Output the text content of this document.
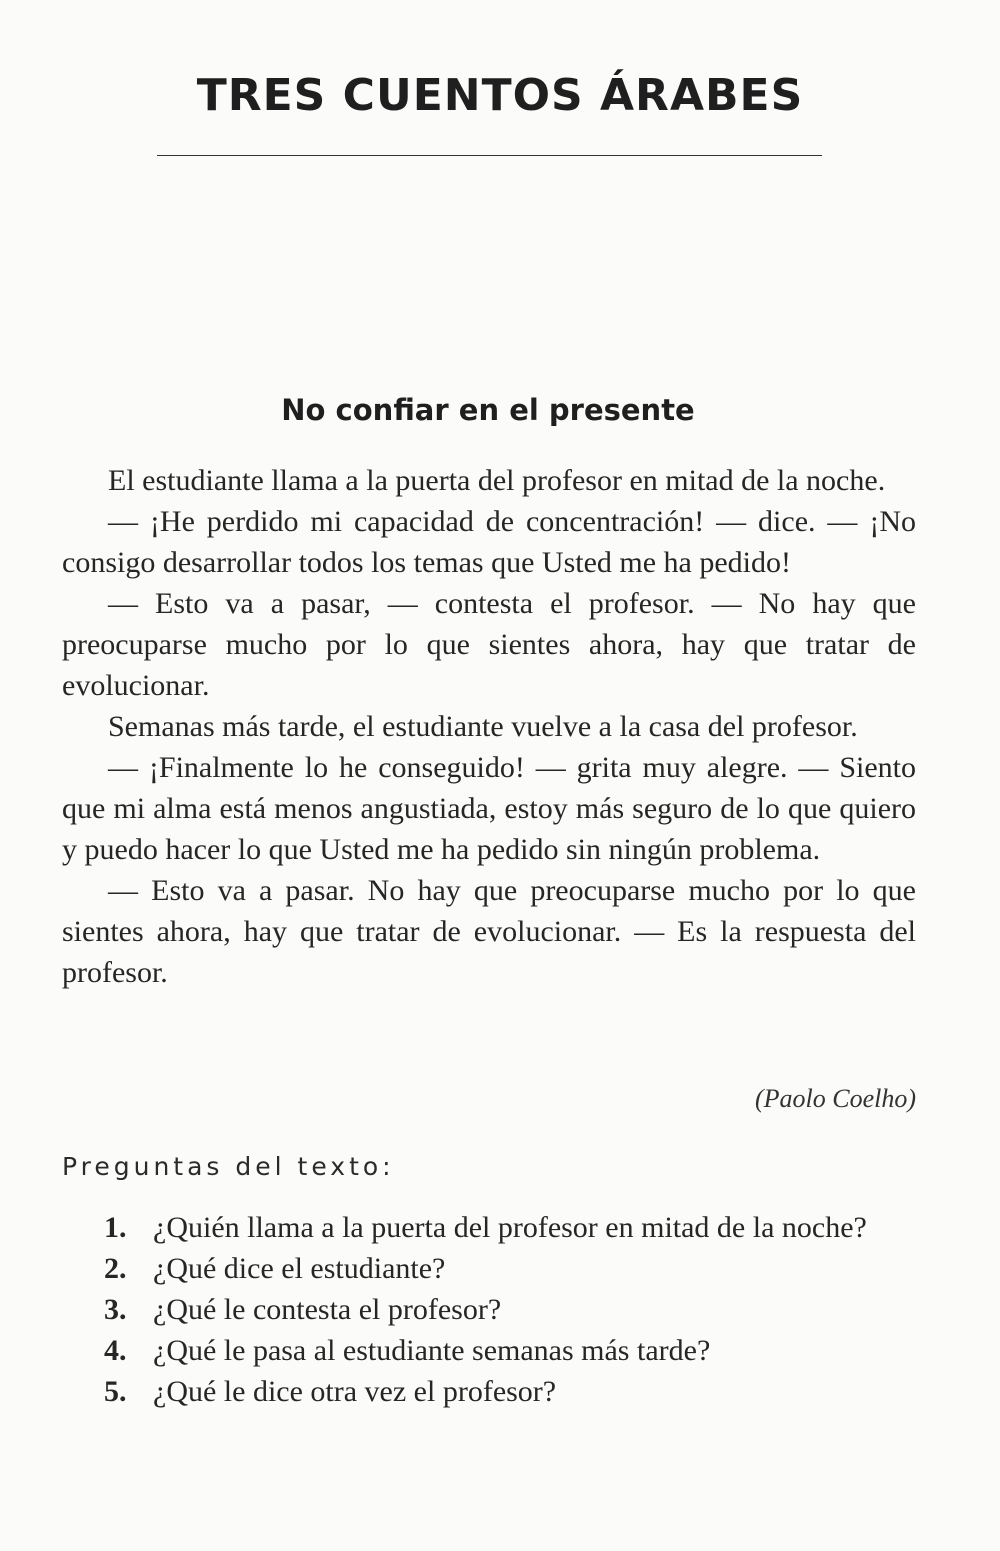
TRES CUENTOS ÁRABES
No confiar en el presente

El estudiante llama a la puerta del profesor en mitad de la noche.

— ¡He perdido mi capacidad de concentración! — dice. — ¡No consigo desarrollar todos los temas que Usted me ha pedido!

— Esto va a pasar, — contesta el profesor. — No hay que preocuparse mucho por lo que sientes ahora, hay que tratar de evolucionar.

Semanas más tarde, el estudiante vuelve a la casa del profesor.

— ¡Finalmente lo he conseguido! — grita muy alegre. — Siento que mi alma está menos angustiada, estoy más seguro de lo que quiero y puedo hacer lo que Usted me ha pedido sin ningún problema.

— Esto va a pasar. No hay que preocuparse mucho por lo que sientes ahora, hay que tratar de evolucionar. — Es la respuesta del profesor.

(Paolo Coelho)
Preguntas del texto:
1. ¿Quién llama a la puerta del profesor en mitad de la noche?
2. ¿Qué dice el estudiante?
3. ¿Qué le contesta el profesor?
4. ¿Qué le pasa al estudiante semanas más tarde?
5. ¿Qué le dice otra vez el profesor?
